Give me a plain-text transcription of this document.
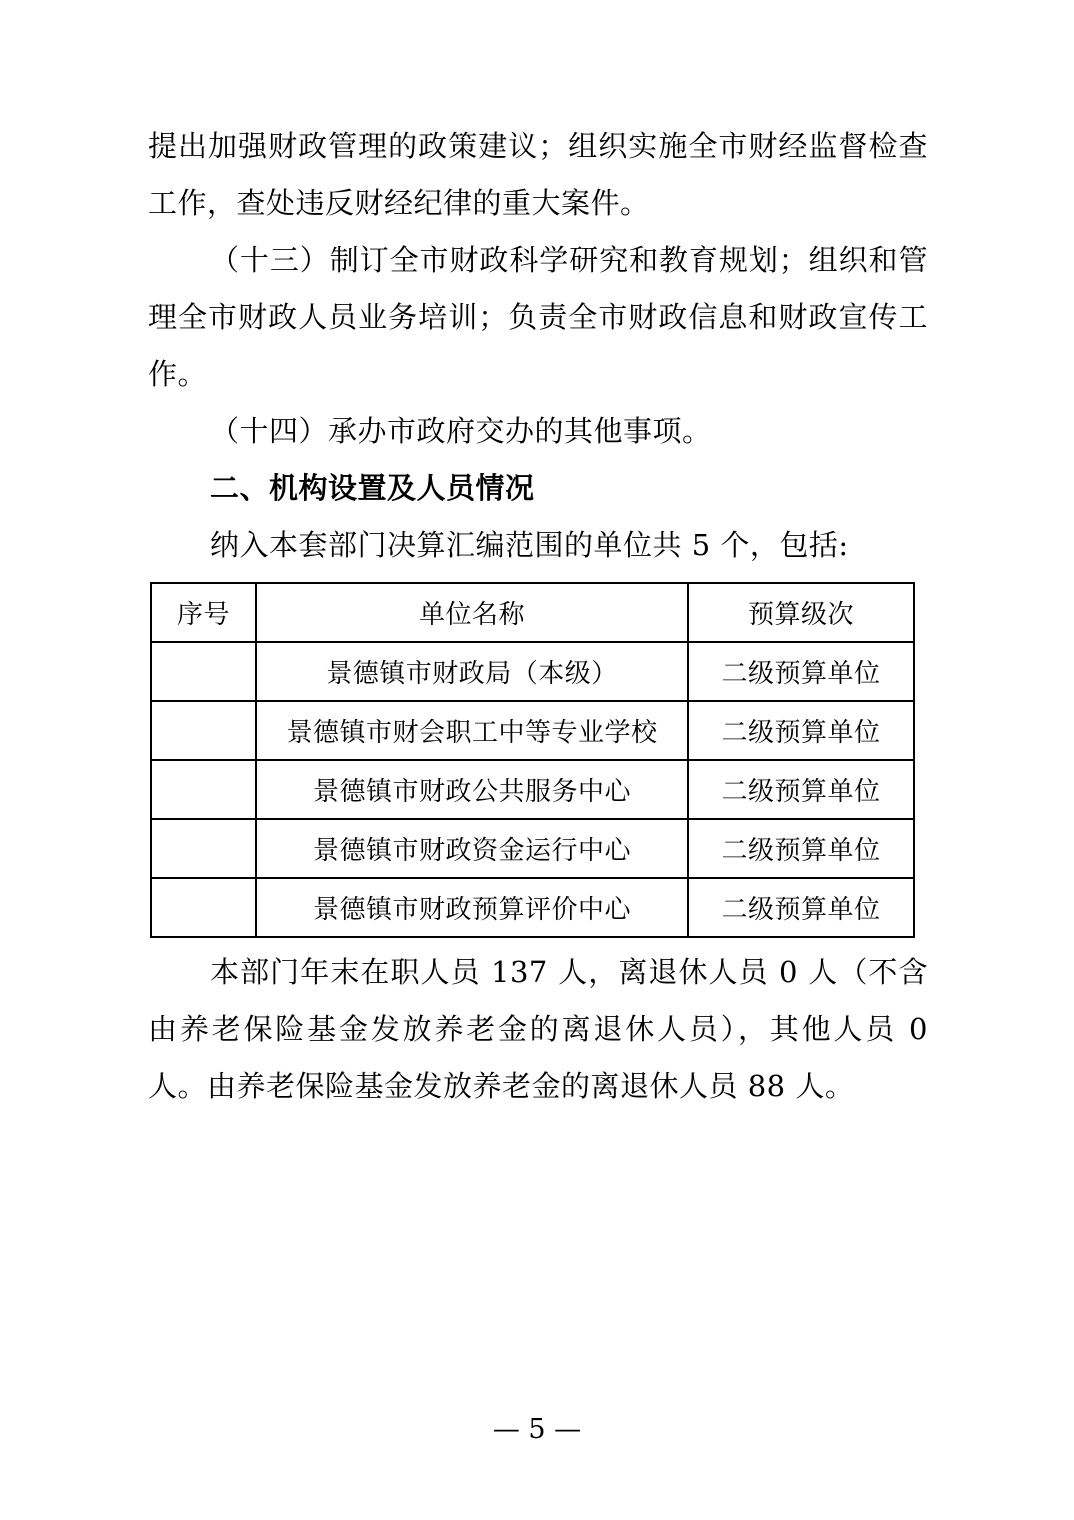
提出加强财政管理的政策建议；组织实施全市财经监督检查工作，查处违反财经纪律的重大案件。

（十三）制订全市财政科学研究和教育规划；组织和管理全市财政人员业务培训；负责全市财政信息和财政宣传工作。

（十四）承办市政府交办的其他事项。

二、机构设置及人员情况

纳入本套部门决算汇编范围的单位共 5 个，包括:

序号	单位名称	预算级次
	景德镇市财政局（本级）	二级预算单位
	景德镇市财会职工中等专业学校	二级预算单位
	景德镇市财政公共服务中心	二级预算单位
	景德镇市财政资金运行中心	二级预算单位
	景德镇市财政预算评价中心	二级预算单位

本部门年末在职人员 137 人，离退休人员 0 人（不含由养老保险基金发放养老金的离退休人员），其他人员 0 人。由养老保险基金发放养老金的离退休人员 88 人。

— 5 —
